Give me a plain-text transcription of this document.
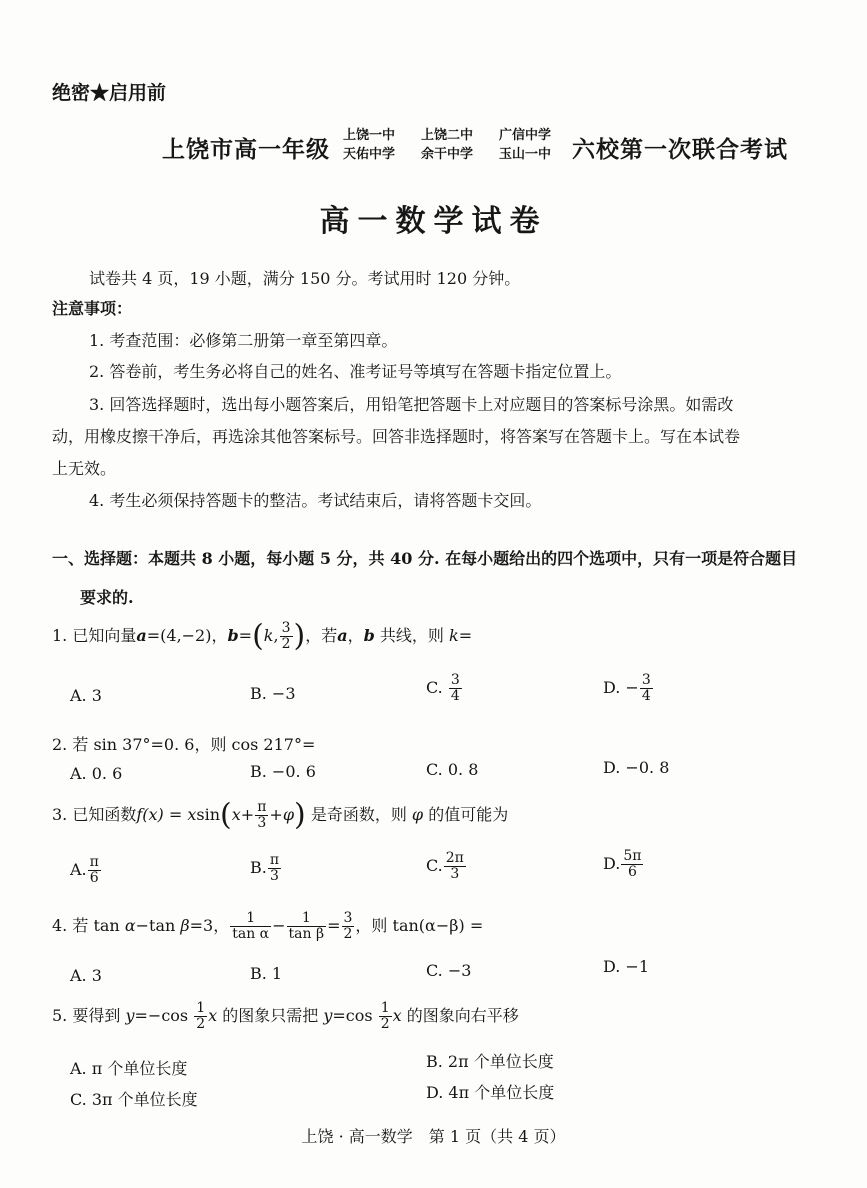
绝密★启用前
上饶市高一年级
上饶一中 上饶二中 广信中学
天佑中学 余干中学 玉山一中 六校第一次联合考试
高一数学试卷
试卷共 4 页，19 小题，满分 150 分。考试用时 120 分钟。
注意事项：
1. 考查范围：必修第二册第一章至第四章。
2. 答卷前，考生务必将自己的姓名、准考证号等填写在答题卡指定位置上。
3. 回答选择题时，选出每小题答案后，用铅笔把答题卡上对应题目的答案标号涂黑。如需改
动，用橡皮擦干净后，再选涂其他答案标号。回答非选择题时，将答案写在答题卡上。写在本试卷
上无效。
4. 考生必须保持答题卡的整洁。考试结束后，请将答题卡交回。
一、选择题：本题共 8 小题，每小题 5 分，共 40 分. 在每小题给出的四个选项中，只有一项是符合题目
要求的.
1. 已知向量a=(4,−2)，b=(k, $\frac{3}{2}$ )，若a，b 共线，则 k=
A. 3	B. −3	C. $\frac{3}{4}$	D. − $\frac{3}{4}$
2. 若 sin 37°=0. 6，则 cos 217°=
A. 0. 6	B. −0. 6	C. 0. 8	D. −0. 8
3. 已知函数$f(x) = xsin(x+ \frac{\pi}{3} +\varphi)$ 是奇函数，则 φ 的值可能为
A. $\frac{\pi}{6}$	B. $\frac{\pi}{3}$	C. $\frac{2\pi}{3}$	D. $\frac{5\pi}{6}$
4. 若 tan α−tan β=3， $\frac{1}{\text{tan α}} - \frac{1}{\text{tan β}} = \frac{3}{2}$ ，则 tan(α−β) =
A. 3	B. 1	C. −3	D. −1
5. 要得到 $y=-\cos \frac{1}{2}$ x 的图象只需把 $y=\cos \frac{1}{2}$ x 的图象向右平移
A. π 个单位长度	B. 2π 个单位长度
C. 3π 个单位长度	D. 4π 个单位长度
上饶 · 高一数学　第 1 页（共 4 页）
